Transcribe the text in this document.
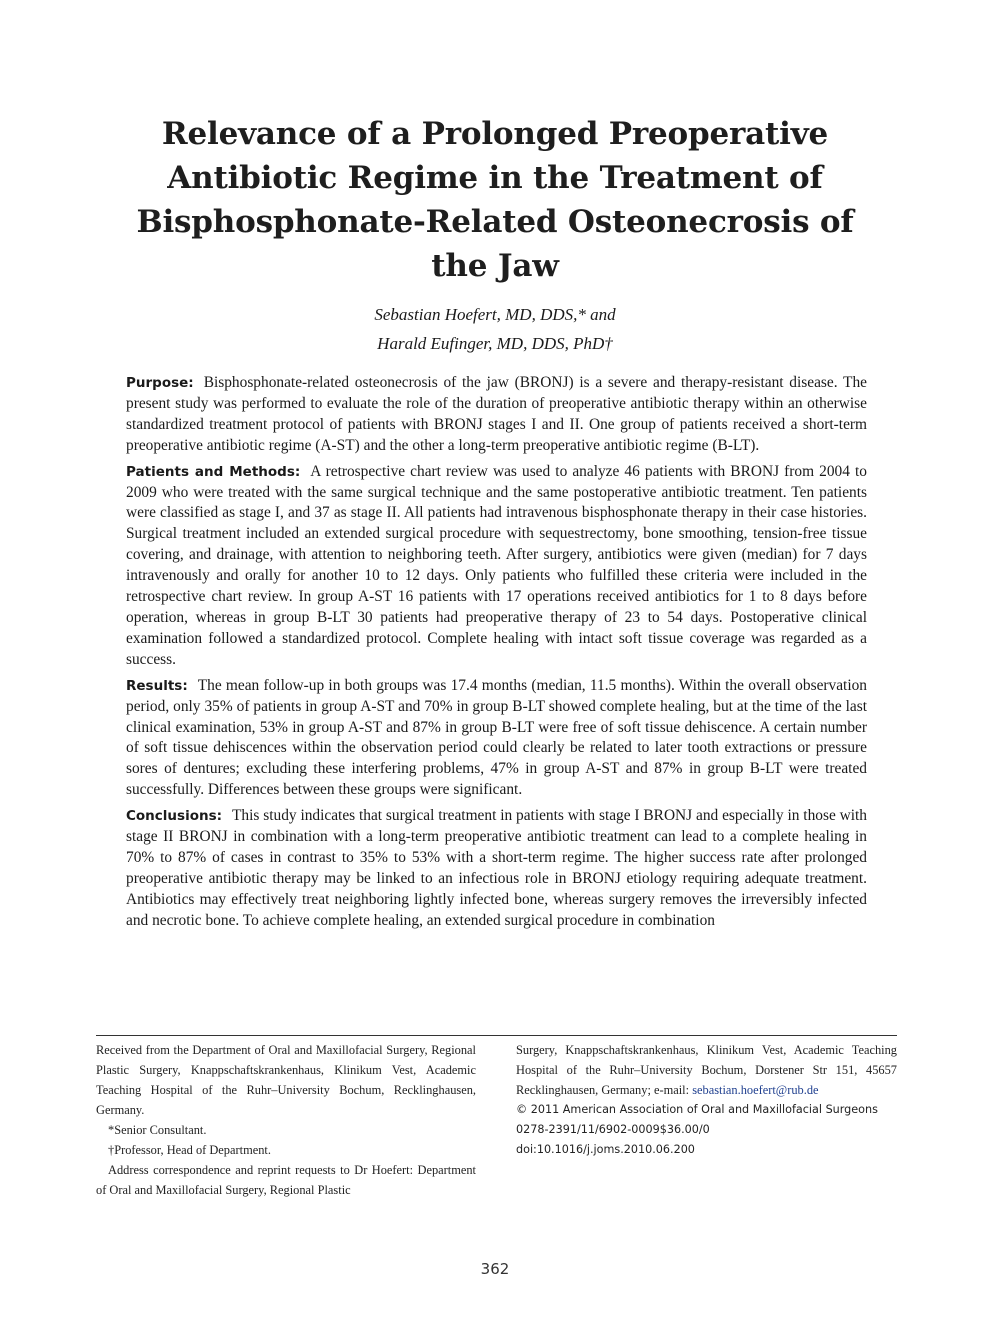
Relevance of a Prolonged Preoperative Antibiotic Regime in the Treatment of Bisphosphonate-Related Osteonecrosis of the Jaw
Sebastian Hoefert, MD, DDS,* and
Harald Eufinger, MD, DDS, PhD†

Purpose: Bisphosphonate-related osteonecrosis of the jaw (BRONJ) is a severe and therapy-resistant disease. The present study was performed to evaluate the role of the duration of preoperative antibiotic therapy within an otherwise standardized treatment protocol of patients with BRONJ stages I and II. One group of patients received a short-term preoperative antibiotic regime (A-ST) and the other a long-term preoperative antibiotic regime (B-LT).

Patients and Methods: A retrospective chart review was used to analyze 46 patients with BRONJ from 2004 to 2009 who were treated with the same surgical technique and the same postoperative antibiotic treatment. Ten patients were classified as stage I, and 37 as stage II. All patients had intravenous bisphosphonate therapy in their case histories. Surgical treatment included an extended surgical procedure with sequestrectomy, bone smoothing, tension-free tissue covering, and drainage, with attention to neighboring teeth. After surgery, antibiotics were given (median) for 7 days intravenously and orally for another 10 to 12 days. Only patients who fulfilled these criteria were included in the retrospective chart review. In group A-ST 16 patients with 17 operations received antibiotics for 1 to 8 days before operation, whereas in group B-LT 30 patients had preoperative therapy of 23 to 54 days. Postoperative clinical examination followed a standardized protocol. Complete healing with intact soft tissue coverage was regarded as a success.

Results: The mean follow-up in both groups was 17.4 months (median, 11.5 months). Within the overall observation period, only 35% of patients in group A-ST and 70% in group B-LT showed complete healing, but at the time of the last clinical examination, 53% in group A-ST and 87% in group B-LT were free of soft tissue dehiscence. A certain number of soft tissue dehiscences within the observation period could clearly be related to later tooth extractions or pressure sores of dentures; excluding these interfering problems, 47% in group A-ST and 87% in group B-LT were treated successfully. Differences between these groups were significant.

Conclusions: This study indicates that surgical treatment in patients with stage I BRONJ and especially in those with stage II BRONJ in combination with a long-term preoperative antibiotic treatment can lead to a complete healing in 70% to 87% of cases in contrast to 35% to 53% with a short-term regime. The higher success rate after prolonged preoperative antibiotic therapy may be linked to an infectious role in BRONJ etiology requiring adequate treatment. Antibiotics may effectively treat neighboring lightly infected bone, whereas surgery removes the irreversibly infected and necrotic bone. To achieve complete healing, an extended surgical procedure in combination

Received from the Department of Oral and Maxillofacial Surgery, Regional Plastic Surgery, Knappschaftskrankenhaus, Klinikum Vest, Academic Teaching Hospital of the Ruhr–University Bochum, Recklinghausen, Germany.

*Senior Consultant.

†Professor, Head of Department.

Address correspondence and reprint requests to Dr Hoefert: Department of Oral and Maxillofacial Surgery, Regional Plastic

Surgery, Knappschaftskrankenhaus, Klinikum Vest, Academic Teaching Hospital of the Ruhr–University Bochum, Dorstener Str 151, 45657 Recklinghausen, Germany; e-mail: sebastian.hoefert@rub.de

© 2011 American Association of Oral and Maxillofacial Surgeons

0278-2391/11/6902-0009$36.00/0

doi:10.1016/j.joms.2010.06.200

362
